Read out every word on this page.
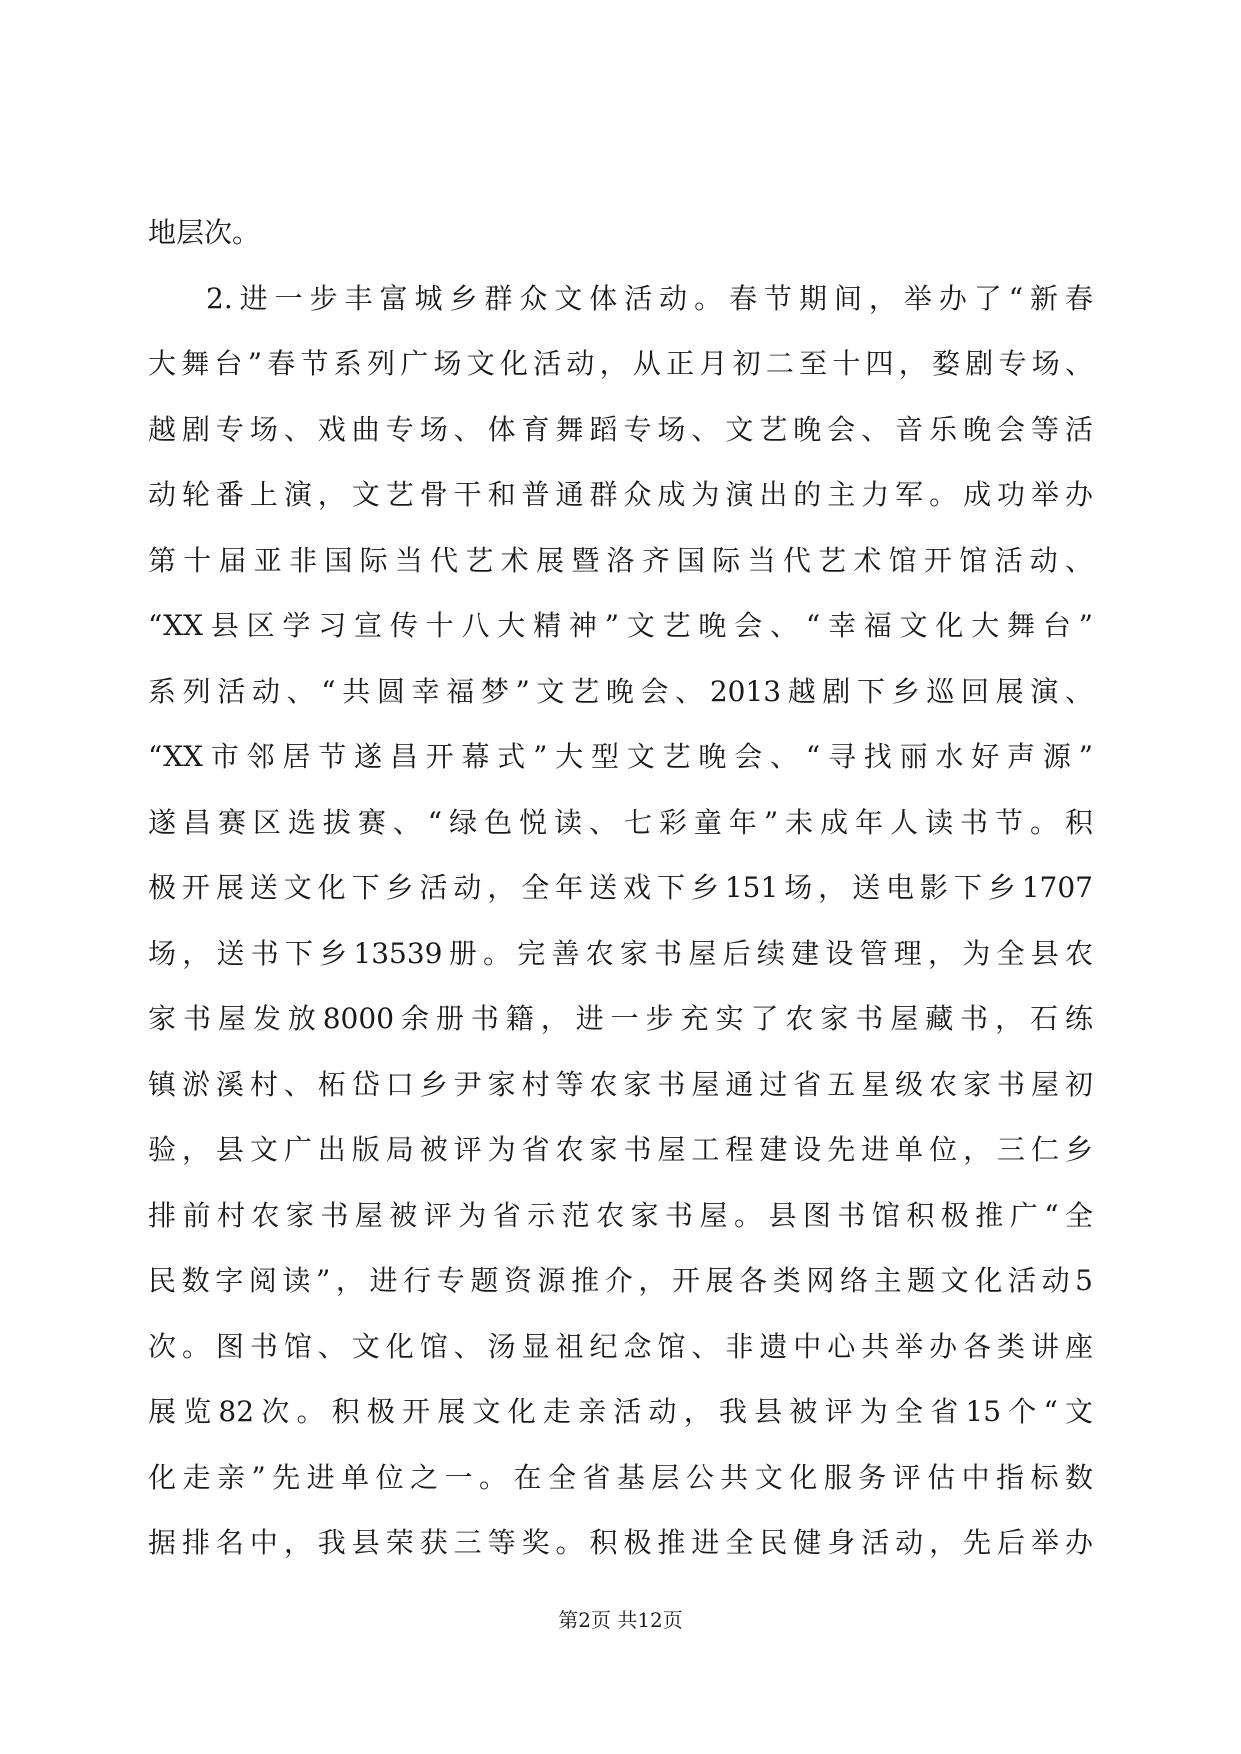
地层次。
2.进一步丰富城乡群众文体活动。春节期间，举办了“新春
大舞台”春节系列广场文化活动，从正月初二至十四，婺剧专场、
越剧专场、戏曲专场、体育舞蹈专场、文艺晚会、音乐晚会等活
动轮番上演，文艺骨干和普通群众成为演出的主力军。成功举办
第十届亚非国际当代艺术展暨洛齐国际当代艺术馆开馆活动、
“XX县区学习宣传十八大精神”文艺晚会、“幸福文化大舞台”
系列活动、“共圆幸福梦”文艺晚会、2013越剧下乡巡回展演、
“XX市邻居节遂昌开幕式”大型文艺晚会、“寻找丽水好声源”
遂昌赛区选拔赛、“绿色悦读、七彩童年”未成年人读书节。积
极开展送文化下乡活动，全年送戏下乡151场，送电影下乡1707
场，送书下乡13539册。完善农家书屋后续建设管理，为全县农
家书屋发放8000余册书籍，进一步充实了农家书屋藏书，石练
镇淤溪村、柘岱口乡尹家村等农家书屋通过省五星级农家书屋初
验，县文广出版局被评为省农家书屋工程建设先进单位，三仁乡
排前村农家书屋被评为省示范农家书屋。县图书馆积极推广“全
民数字阅读”，进行专题资源推介，开展各类网络主题文化活动5
次。图书馆、文化馆、汤显祖纪念馆、非遗中心共举办各类讲座
展览82次。积极开展文化走亲活动，我县被评为全省15个“文
化走亲”先进单位之一。在全省基层公共文化服务评估中指标数
据排名中，我县荣获三等奖。积极推进全民健身活动，先后举办
第2页 共12页
